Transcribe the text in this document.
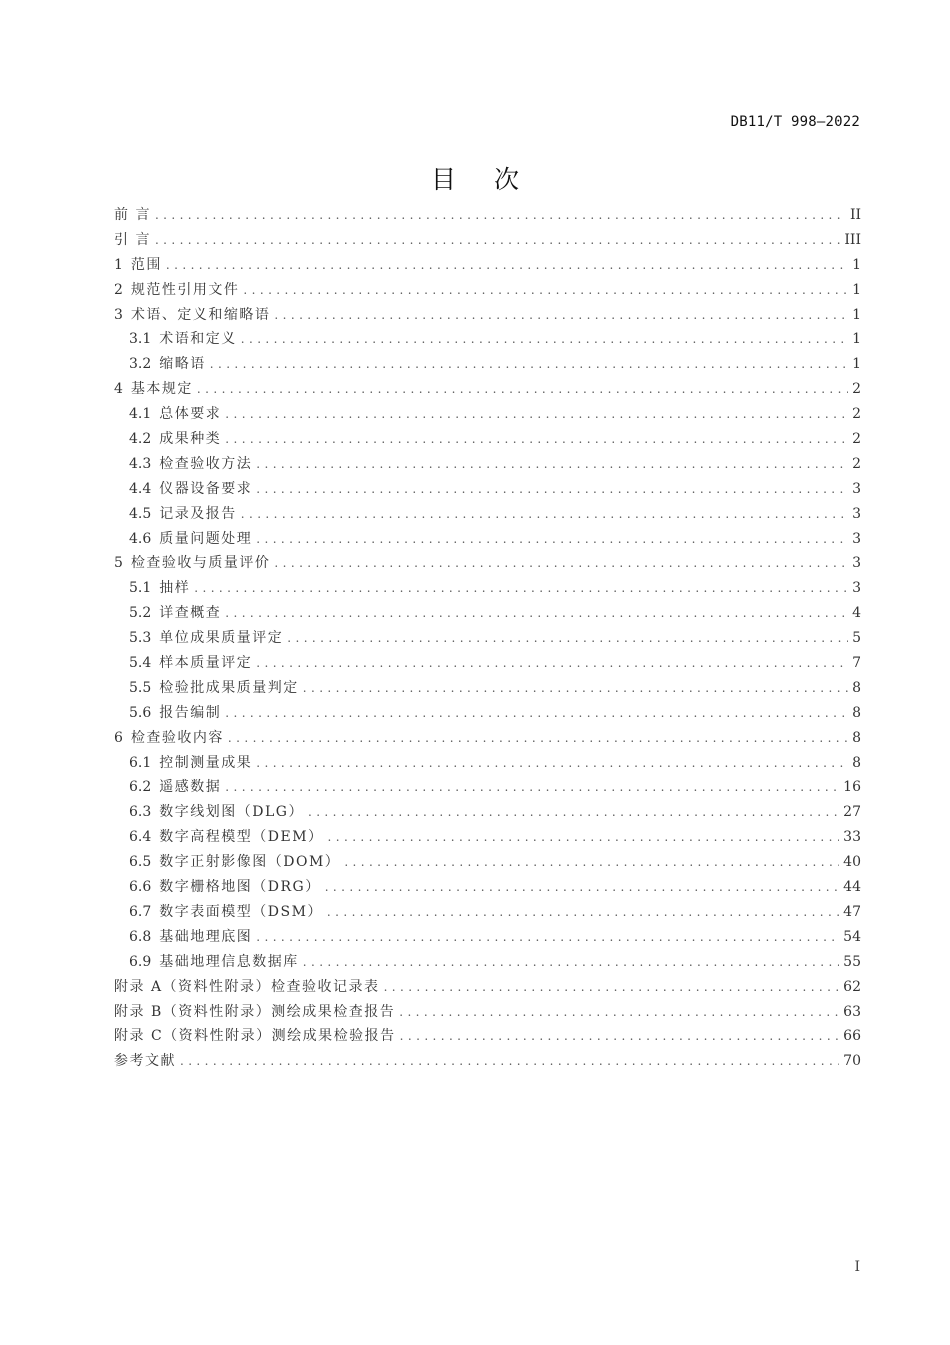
DB11/T 998—2022
目次
前 言 .....	II
引 言 .....	III
1 范围 .....	1
2 规范性引用文件 .....	1
3 术语、定义和缩略语 .....	1
3.1 术语和定义 .....	1
3.2 缩略语 .....	1
4 基本规定 .....	2
4.1 总体要求 .....	2
4.2 成果种类 .....	2
4.3 检查验收方法 .....	2
4.4 仪器设备要求 .....	3
4.5 记录及报告 .....	3
4.6 质量问题处理 .....	3
5 检查验收与质量评价 .....	3
5.1 抽样 .....	3
5.2 详查概查 .....	4
5.3 单位成果质量评定 .....	5
5.4 样本质量评定 .....	7
5.5 检验批成果质量判定 .....	8
5.6 报告编制 .....	8
6 检查验收内容 .....	8
6.1 控制测量成果 .....	8
6.2 遥感数据 .....	16
6.3 数字线划图（DLG） .....	27
6.4 数字高程模型（DEM） .....	33
6.5 数字正射影像图（DOM） .....	40
6.6 数字栅格地图（DRG） .....	44
6.7 数字表面模型（DSM） .....	47
6.8 基础地理底图 .....	54
6.9 基础地理信息数据库 .....	55
附录 A（资料性附录）检查验收记录表 .....	62
附录 B（资料性附录）测绘成果检查报告 .....	63
附录 C（资料性附录）测绘成果检验报告 .....	66
参考文献 .....	70
I
